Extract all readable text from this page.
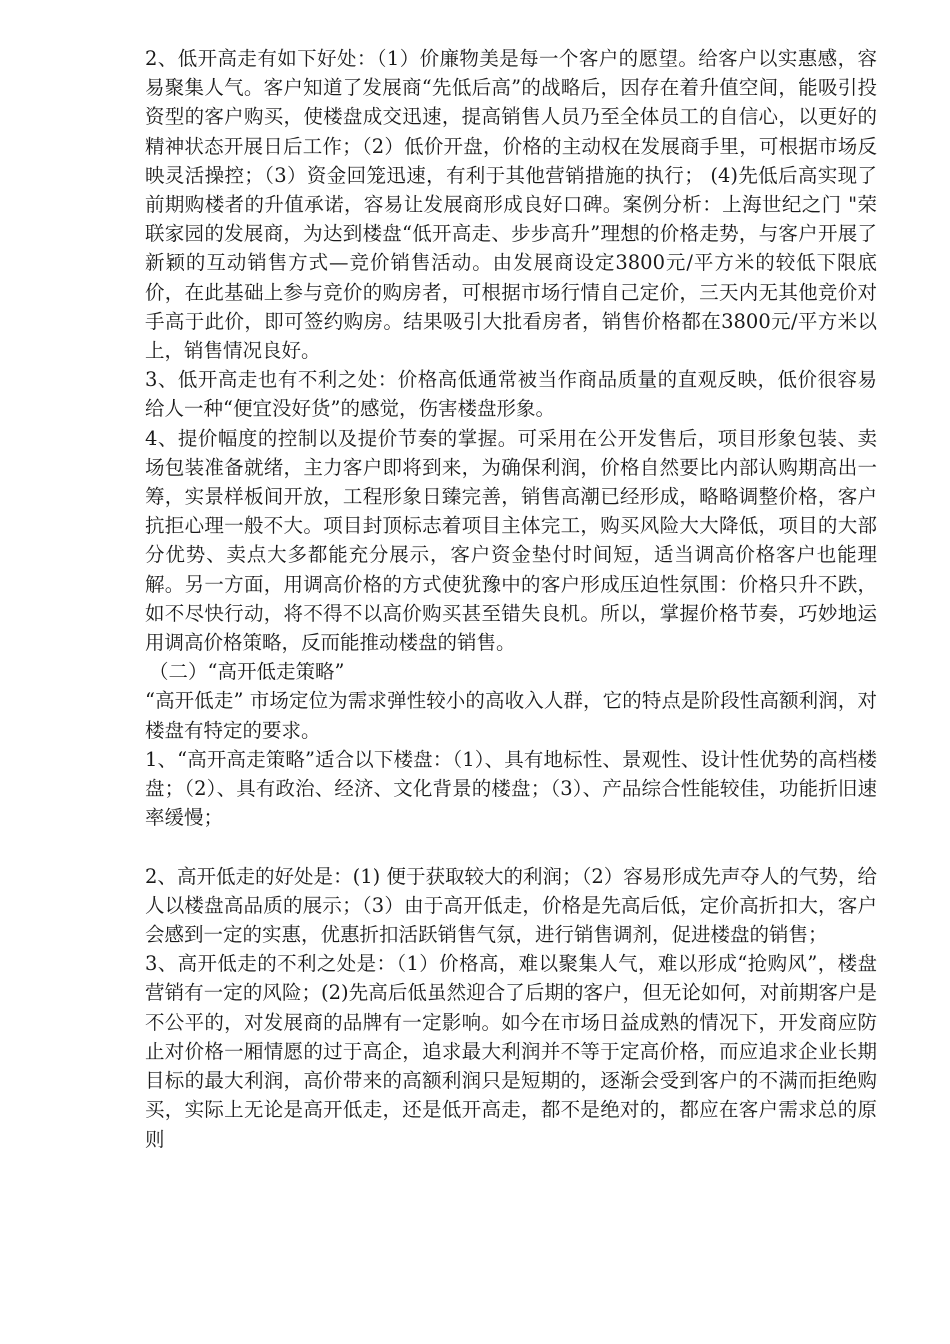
2、低开高走有如下好处：（1）价廉物美是每一个客户的愿望。给客户以实惠感，容易聚集人气。客户知道了发展商“先低后高”的战略后，因存在着升值空间，能吸引投资型的客户购买，使楼盘成交迅速，提高销售人员乃至全体员工的自信心，以更好的精神状态开展日后工作；（2）低价开盘，价格的主动权在发展商手里，可根据市场反映灵活操控；（3）资金回笼迅速，有利于其他营销措施的执行； (4)先低后高实现了前期购楼者的升值承诺，容易让发展商形成良好口碑。案例分析：上海世纪之门 "荣联家园的发展商，为达到楼盘“低开高走、步步高升”理想的价格走势，与客户开展了新颖的互动销售方式—竞价销售活动。由发展商设定3800元/平方米的较低下限底价，在此基础上参与竞价的购房者，可根据市场行情自己定价，三天内无其他竞价对手高于此价，即可签约购房。结果吸引大批看房者，销售价格都在3800元/平方米以上，销售情况良好。

3、低开高走也有不利之处：价格高低通常被当作商品质量的直观反映，低价很容易给人一种“便宜没好货”的感觉，伤害楼盘形象。

4、提价幅度的控制以及提价节奏的掌握。可采用在公开发售后，项目形象包装、卖场包装准备就绪，主力客户即将到来，为确保利润，价格自然要比内部认购期高出一筹，实景样板间开放，工程形象日臻完善，销售高潮已经形成，略略调整价格，客户抗拒心理一般不大。项目封顶标志着项目主体完工，购买风险大大降低，项目的大部分优势、卖点大多都能充分展示，客户资金垫付时间短，适当调高价格客户也能理解。另一方面，用调高价格的方式使犹豫中的客户形成压迫性氛围：价格只升不跌，如不尽快行动，将不得不以高价购买甚至错失良机。所以，掌握价格节奏，巧妙地运用调高价格策略，反而能推动楼盘的销售。

（二）“高开低走策略”

“高开低走” 市场定位为需求弹性较小的高收入人群，它的特点是阶段性高额利润，对楼盘有特定的要求。

1、“高开高走策略”适合以下楼盘：（1）、具有地标性、景观性、设计性优势的高档楼盘；（2）、具有政治、经济、文化背景的楼盘；（3）、产品综合性能较佳，功能折旧速率缓慢；

2、高开低走的好处是：(1) 便于获取较大的利润；（2）容易形成先声夺人的气势，给人以楼盘高品质的展示；（3）由于高开低走，价格是先高后低，定价高折扣大，客户会感到一定的实惠，优惠折扣活跃销售气氛，进行销售调剂，促进楼盘的销售；

3、高开低走的不利之处是：（1）价格高，难以聚集人气，难以形成“抢购风”，楼盘营销有一定的风险；(2)先高后低虽然迎合了后期的客户，但无论如何，对前期客户是不公平的，对发展商的品牌有一定影响。如今在市场日益成熟的情况下，开发商应防止对价格一厢情愿的过于高企，追求最大利润并不等于定高价格，而应追求企业长期目标的最大利润，高价带来的高额利润只是短期的，逐渐会受到客户的不满而拒绝购买，实际上无论是高开低走，还是低开高走，都不是绝对的，都应在客户需求总的原则
